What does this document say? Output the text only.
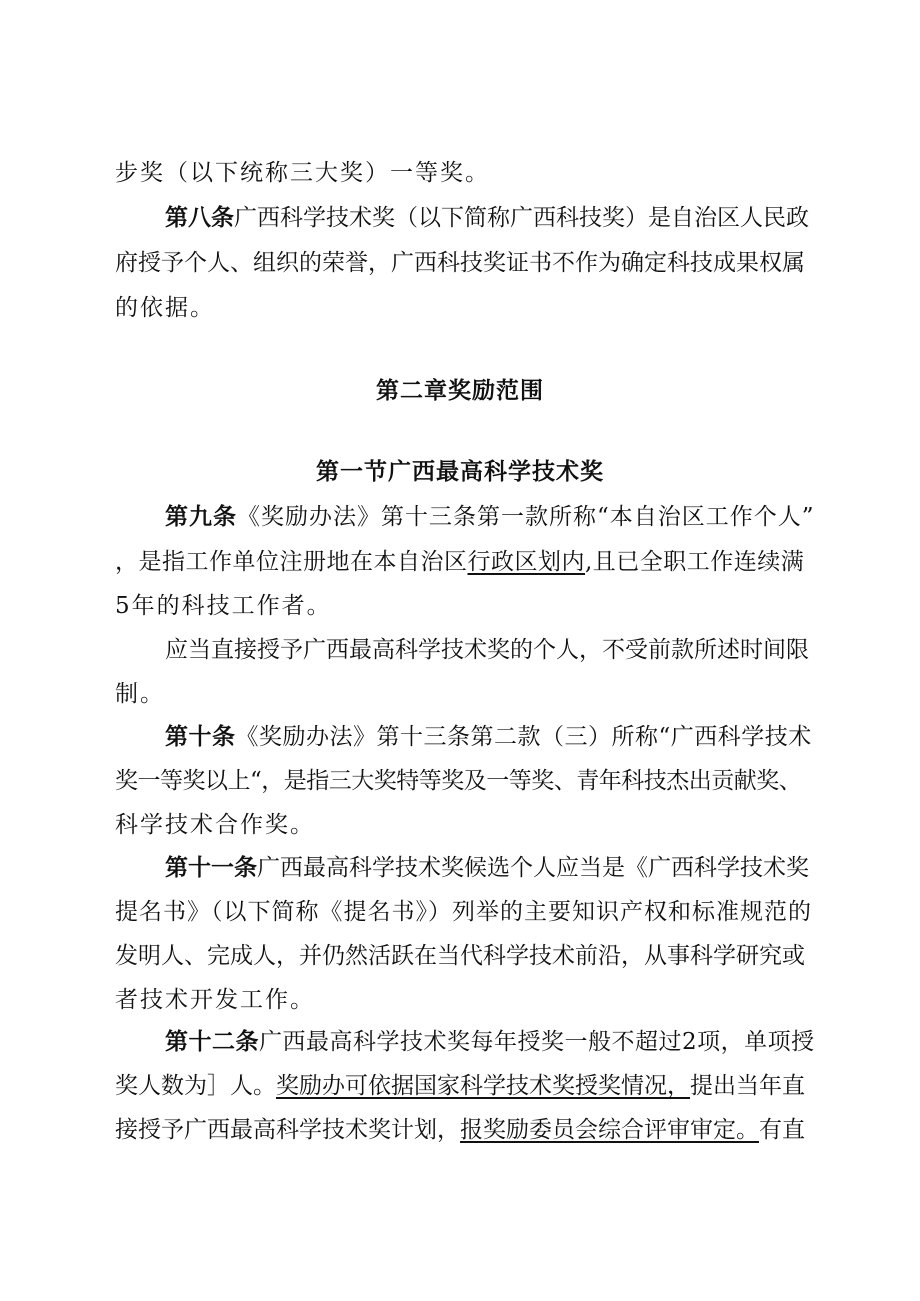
步奖（以下统称三大奖）一等奖。
第八条广西科学技术奖（以下简称广西科技奖）是自治区人民政
府授予个人、组织的荣誉，广西科技奖证书不作为确定科技成果权属
的依据。
第二章奖励范围
第一节广西最高科学技术奖
第九条《奖励办法》第十三条第一款所称“本自治区工作个人”
，是指工作单位注册地在本自治区行政区划内,且已全职工作连续满
5年的科技工作者。
应当直接授予广西最高科学技术奖的个人，不受前款所述时间限
制。
第十条《奖励办法》第十三条第二款（三）所称“广西科学技术
奖一等奖以上“，是指三大奖特等奖及一等奖、青年科技杰出贡献奖、
科学技术合作奖。
第十一条广西最高科学技术奖候选个人应当是《广西科学技术奖
提名书》（以下简称《提名书》）列举的主要知识产权和标准规范的
发明人、完成人，并仍然活跃在当代科学技术前沿，从事科学研究或
者技术开发工作。
第十二条广西最高科学技术奖每年授奖一般不超过2项，单项授
奖人数为］人。奖励办可依据国家科学技术奖授奖情况，提出当年直
接授予广西最高科学技术奖计划，报奖励委员会综合评审审定。有直
